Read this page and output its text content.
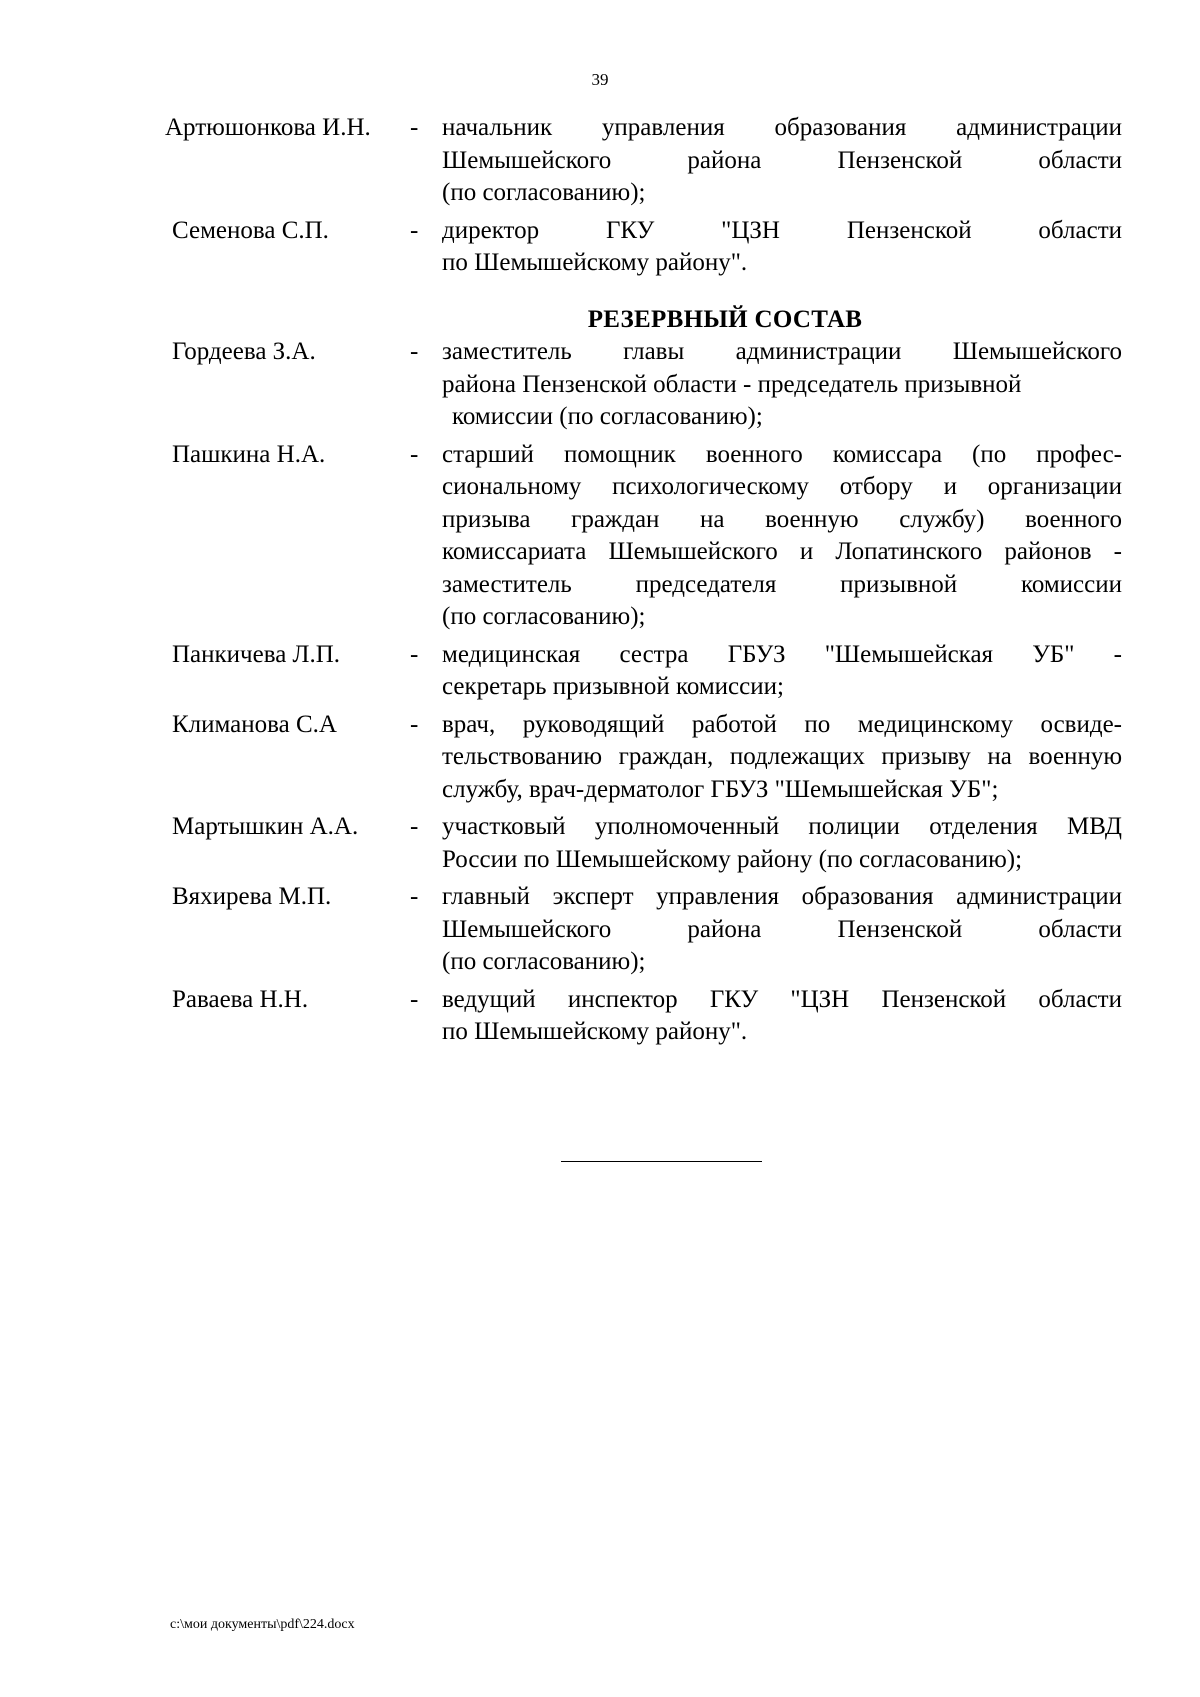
39
Артюшонкова И.Н.	- начальник управления образования администрации
Шемышейского района Пензенской области
(по согласованию);
Семенова С.П.	- директор ГКУ "ЦЗН Пензенской области
по Шемышейскому району".
РЕЗЕРВНЫЙ СОСТАВ
Гордеева З.А.	- заместитель главы администрации Шемышейского
района Пензенской области - председатель призывной
комиссии (по согласованию);
Пашкина Н.А.	- старший помощник военного комиссара (по профес-
сиональному психологическому отбору и организации
призыва граждан на военную службу) военного
комиссариата Шемышейского и Лопатинского районов -
заместитель председателя призывной комиссии
(по согласованию);
Панкичева Л.П.	- медицинская сестра ГБУЗ "Шемышейская УБ" -
секретарь призывной комиссии;
Климанова С.А	- врач, руководящий работой по медицинскому освиде-
тельствованию граждан, подлежащих призыву на военную
службу, врач-дерматолог ГБУЗ "Шемышейская УБ";
Мартышкин А.А.	- участковый уполномоченный полиции отделения МВД
России по Шемышейскому району (по согласованию);
Вяхирева М.П.	- главный эксперт управления образования администрации
Шемышейского района Пензенской области
(по согласованию);
Раваева Н.Н.	- ведущий инспектор ГКУ "ЦЗН Пензенской области
по Шемышейскому району".
c:\мои документы\pdf\224.docx
